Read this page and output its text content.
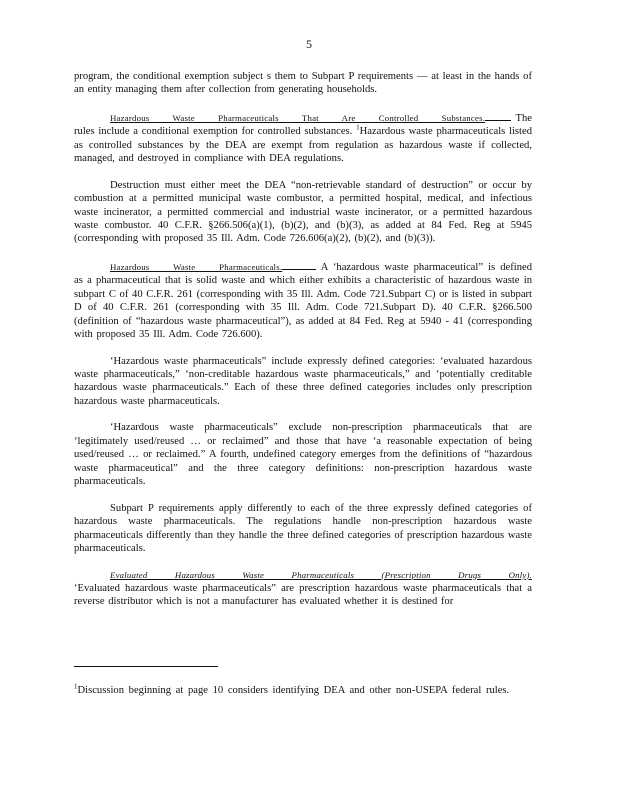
5

program, the conditional exemption subject s them to Subpart P requirements — at least in the hands of an entity managing them after collection from generating households.

Hazardous Waste Pharmaceuticals That Are Controlled Substances.	The rules include a conditional exemption for controlled substances. $^1$Hazardous waste pharmaceuticals listed as controlled substances by the DEA are exempt from regulation as hazardous waste if collected, managed, and destroyed in compliance with DEA regulations.

Destruction must either meet the DEA “non-retrievable standard of destruction” or occur by combustion at a permitted municipal waste combustor, a permitted hospital, medical, and infectious waste incinerator, a permitted commercial and industrial waste incinerator, or a permitted hazardous waste combustor. 40 C.F.R. §266.506(a)(1), (b)(2), and (b)(3), as added at 84 Fed. Reg at 5945 (corresponding with proposed 35 Ill. Adm. Code 726.606(a)(2), (b)(2), and (b)(3)).

Hazardous Waste Pharmaceuticals.	A ‘hazardous waste pharmaceutical” is defined as a pharmaceutical that is solid waste and which either exhibits a characteristic of hazardous waste in subpart C of 40 C.F.R. 261 (corresponding with 35 Ill. Adm. Code 721.Subpart C) or is listed in subpart D of 40 C.F.R. 261 (corresponding with 35 Ill. Adm. Code 721.Subpart D). 40 C.F.R. §266.500 (definition of “hazardous waste pharmaceutical”), as added at 84 Fed. Reg at 5940 - 41 (corresponding with proposed 35 Ill. Adm. Code 726.600).

‘Hazardous waste pharmaceuticals” include expressly defined categories: ‘evaluated hazardous waste pharmaceuticals,” ‘non-creditable hazardous waste pharmaceuticals,” and ‘potentially creditable hazardous waste pharmaceuticals.” Each of these three defined categories includes only prescription hazardous waste pharmaceuticals.

‘Hazardous waste pharmaceuticals” exclude non-prescription pharmaceuticals that are ‘legitimately used/reused … or reclaimed” and those that have ‘a reasonable expectation of being used/reused … or reclaimed.” A fourth, undefined category emerges from the definitions of “hazardous waste pharmaceutical” and the three category definitions: non-prescription hazardous waste pharmaceuticals.

Subpart P requirements apply differently to each of the three expressly defined categories of hazardous waste pharmaceuticals. The regulations handle non-prescription hazardous waste pharmaceuticals differently than they handle the three defined categories of prescription hazardous waste pharmaceuticals.

Evaluated Hazardous Waste Pharmaceuticals (Prescription Drugs Only). ‘Evaluated hazardous waste pharmaceuticals” are prescription hazardous waste pharmaceuticals that a reverse distributor which is not a manufacturer has evaluated whether it is destined for

$^1$Discussion beginning at page 10 considers identifying DEA and other non-USEPA federal rules.
